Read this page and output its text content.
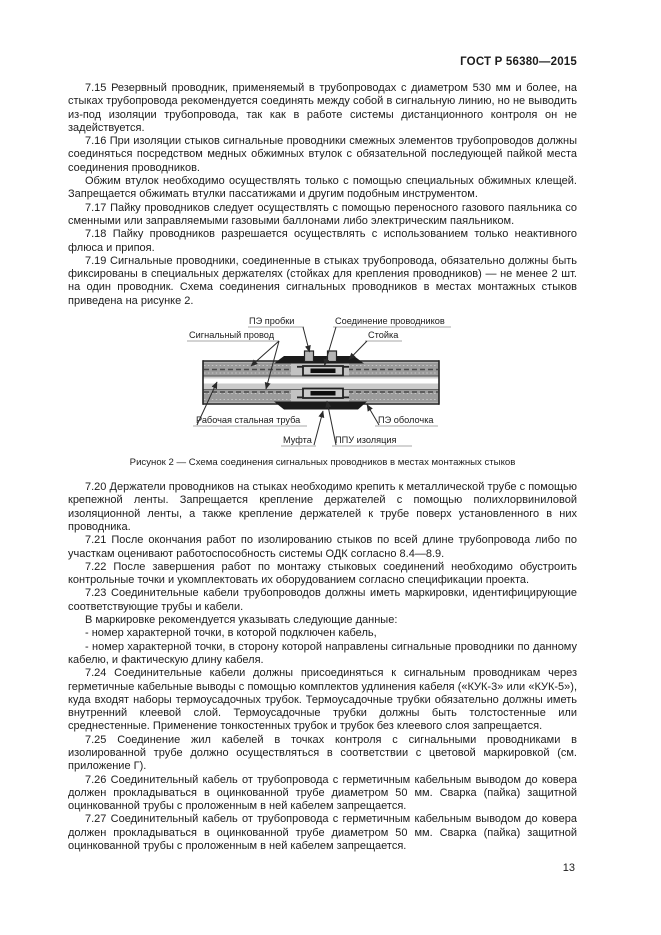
ГОСТ Р 56380—2015

7.15 Резервный проводник, применяемый в трубопроводах с диаметром 530 мм и более, на стыках трубопровода рекомендуется соединять между собой в сигнальную линию, но не выводить из-под изоляции трубопровода, так как в работе системы дистанционного контроля он не задействуется.

7.16 При изоляции стыков сигнальные проводники смежных элементов трубопроводов должны соединяться посредством медных обжимных втулок с обязательной последующей пайкой места соединения проводников.

Обжим втулок необходимо осуществлять только с помощью специальных обжимных клещей. Запрещается обжимать втулки пассатижами и другим подобным инструментом.

7.17 Пайку проводников следует осуществлять с помощью переносного газового паяльника со сменными или заправляемыми газовыми баллонами либо электрическим паяльником.

7.18 Пайку проводников разрешается осуществлять с использованием только неактивного флюса и припоя.

7.19 Сигнальные проводники, соединенные в стыках трубопровода, обязательно должны быть фиксированы в специальных держателях (стойках для крепления проводников) — не менее 2 шт. на один проводник. Схема соединения сигнальных проводников в местах монтажных стыков приведена на рисунке 2.

ПЭ пробки	Соединение проводников
Сигнальный провод	Стойка
Рабочая стальная труба	ПЭ оболочка
Муфта	ППУ изоляция

Рисунок 2 — Схема соединения сигнальных проводников в местах монтажных стыков

7.20 Держатели проводников на стыках необходимо крепить к металлической трубе с помощью крепежной ленты. Запрещается крепление держателей с помощью полихлорвиниловой изоляционной ленты, а также крепление держателей к трубе поверх установленного в них проводника.

7.21 После окончания работ по изолированию стыков по всей длине трубопровода либо по участкам оценивают работоспособность системы ОДК согласно 8.4—8.9.

7.22 После завершения работ по монтажу стыковых соединений необходимо обустроить контрольные точки и укомплектовать их оборудованием согласно спецификации проекта.

7.23 Соединительные кабели трубопроводов должны иметь маркировки, идентифицирующие соответствующие трубы и кабели.

В маркировке рекомендуется указывать следующие данные:

- номер характерной точки, в которой подключен кабель,

- номер характерной точки, в сторону которой направлены сигнальные проводники по данному кабелю, и фактическую длину кабеля.

7.24 Соединительные кабели должны присоединяться к сигнальным проводникам через герметичные кабельные выводы с помощью комплектов удлинения кабеля («КУК-3» или «КУК-5»), куда входят наборы термоусадочных трубок. Термоусадочные трубки обязательно должны иметь внутренний клеевой слой. Термоусадочные трубки должны быть толстостенные или среднестенные. Применение тонкостенных трубок и трубок без клеевого слоя запрещается.

7.25 Соединение жил кабелей в точках контроля с сигнальными проводниками в изолированной трубе должно осуществляться в соответствии с цветовой маркировкой (см. приложение Г).

7.26 Соединительный кабель от трубопровода с герметичным кабельным выводом до ковера должен прокладываться в оцинкованной трубе диаметром 50 мм. Сварка (пайка) защитной оцинкованной трубы с проложенным в ней кабелем запрещается.

7.27 Соединительный кабель от трубопровода с герметичным кабельным выводом до ковера должен прокладываться в оцинкованной трубе диаметром 50 мм. Сварка (пайка) защитной оцинкованной трубы с проложенным в ней кабелем запрещается.

13
